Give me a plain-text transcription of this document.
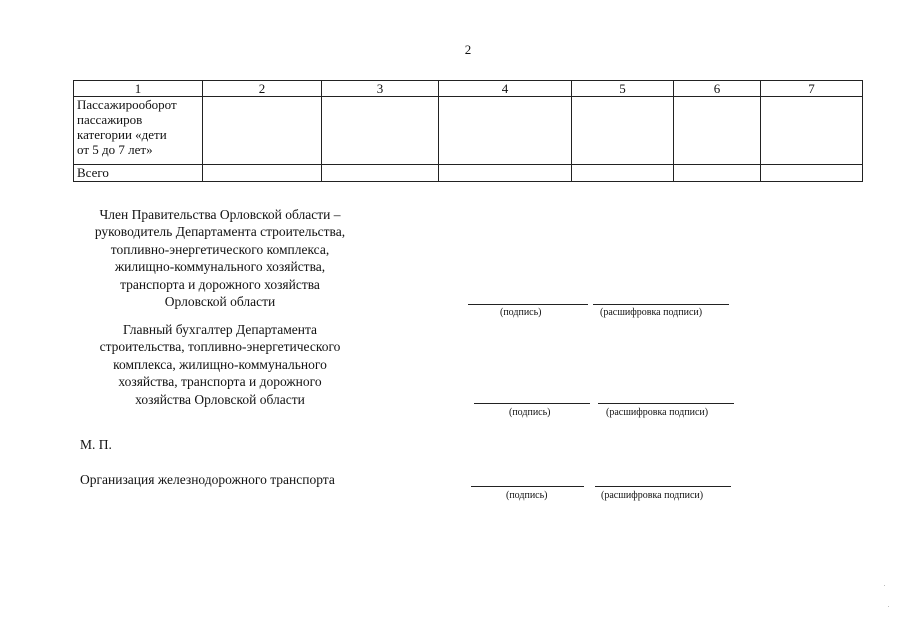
2
1	2	3	4	5	6	7

Пассажирооборот
пассажиров
категории «дети
от 5 до 7 лет»						

Всего						
Член Правительства Орловской области –
руководитель Департамента строительства,
топливно-энергетического комплекса,
жилищно-коммунального хозяйства,
транспорта и дорожного хозяйства
Орловской области
(подпись)	(расшифровка подписи)
Главный бухгалтер Департамента
строительства, топливно-энергетического
комплекса, жилищно-коммунального
хозяйства, транспорта и дорожного
хозяйства Орловской области
(подпись)	(расшифровка подписи)
М. П.
Организация железнодорожного транспорта
(подпись)	(расшифровка подписи)
